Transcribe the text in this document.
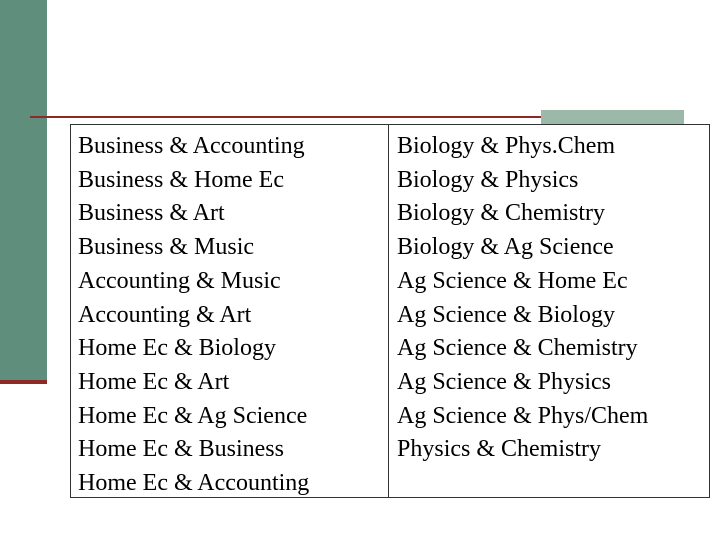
Business & Accounting
Business & Home Ec
Business & Art
Business & Music
Accounting & Music
Accounting & Art
Home Ec & Biology
Home Ec & Art
Home Ec & Ag Science
Home Ec & Business
Home Ec & Accounting
Biology & Phys.Chem
Biology & Physics
Biology & Chemistry
Biology & Ag Science
Ag Science & Home Ec
Ag Science & Biology
Ag Science & Chemistry
Ag Science & Physics
Ag Science & Phys/Chem
Physics & Chemistry
